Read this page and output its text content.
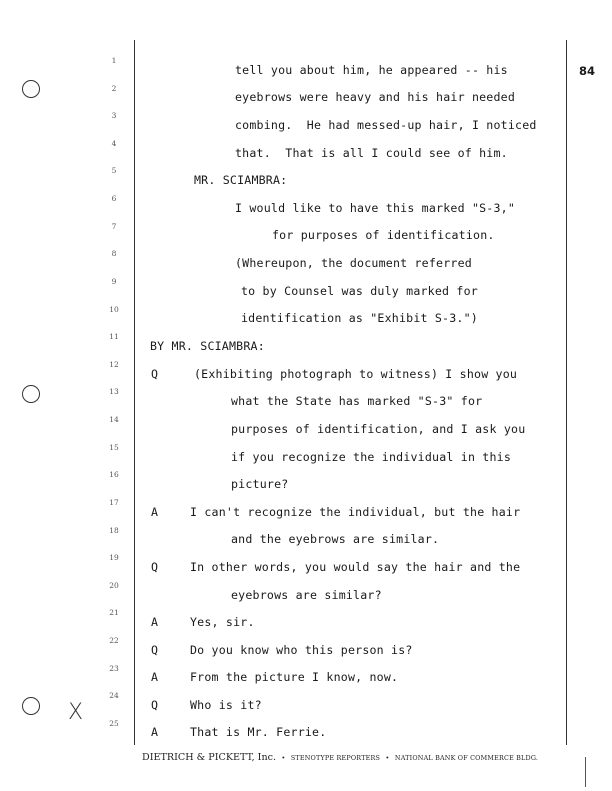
X
84
1
2
3
4
5
6
7
8
9
10
11
12
13
14
15
16
17
18
19
20
21
22
23
24
25
tell you about him, he appeared -- his
eyebrows were heavy and his hair needed
combing.  He had messed-up hair, I noticed
that.  That is all I could see of him.
MR. SCIAMBRA:
I would like to have this marked "S-3,"
for purposes of identification.
(Whereupon, the document referred
to by Counsel was duly marked for
identification as "Exhibit S-3.")
BY MR. SCIAMBRA:
Q	(Exhibiting photograph to witness) I show you
what the State has marked "S-3" for
purposes of identification, and I ask you
if you recognize the individual in this
picture?
A	I can't recognize the individual, but the hair
and the eyebrows are similar.
Q	In other words, you would say the hair and the
eyebrows are similar?
A	Yes, sir.
Q	Do you know who this person is?
A	From the picture I know, now.
Q	Who is it?
A	That is Mr. Ferrie.
DIETRICH & PICKETT, Inc. • STENOTYPE REPORTERS • NATIONAL BANK OF COMMERCE BLDG.
